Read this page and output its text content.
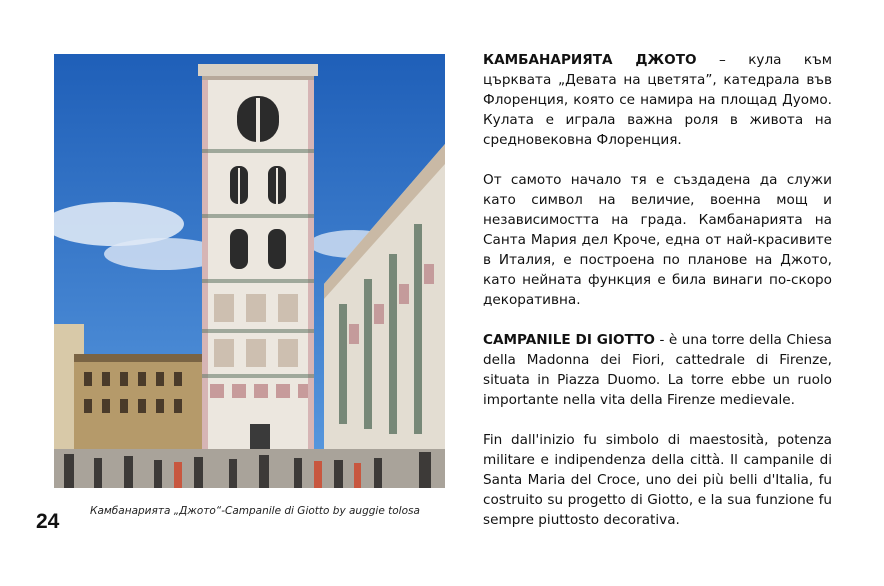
Камбанарията „Джото“-Campanile di Giotto by auggie tolosa
24

КАМБАНАРИЯТА ДЖОТО – кула към църквата „Девата на цветята”, катедрала във Флоренция, която се намира на площад Дуомо. Кулата е играла важна роля в живота на средновековна Флоренция.

От самото начало тя е създадена да служи като символ на величие, военна мощ и независимостта на града. Камбанарията на Санта Мария дел Кроче, една от най-красивите в Италия, е построена по планове на Джото, като нейната функция е била винаги по-скоро декоративна.

CAMPANILE DI GIOTTO - è una torre della Chiesa della Madonna dei Fiori, cattedrale di Firenze, situata in Piazza Duomo. La torre ebbe un ruolo importante nella vita della Firenze medievale.

Fin dall'inizio fu simbolo di maestosità, potenza militare e indipendenza della città. Il campanile di Santa Maria del Croce, uno dei più belli d'Italia, fu costruito su progetto di Giotto, e la sua funzione fu sempre piuttosto decorativa.
